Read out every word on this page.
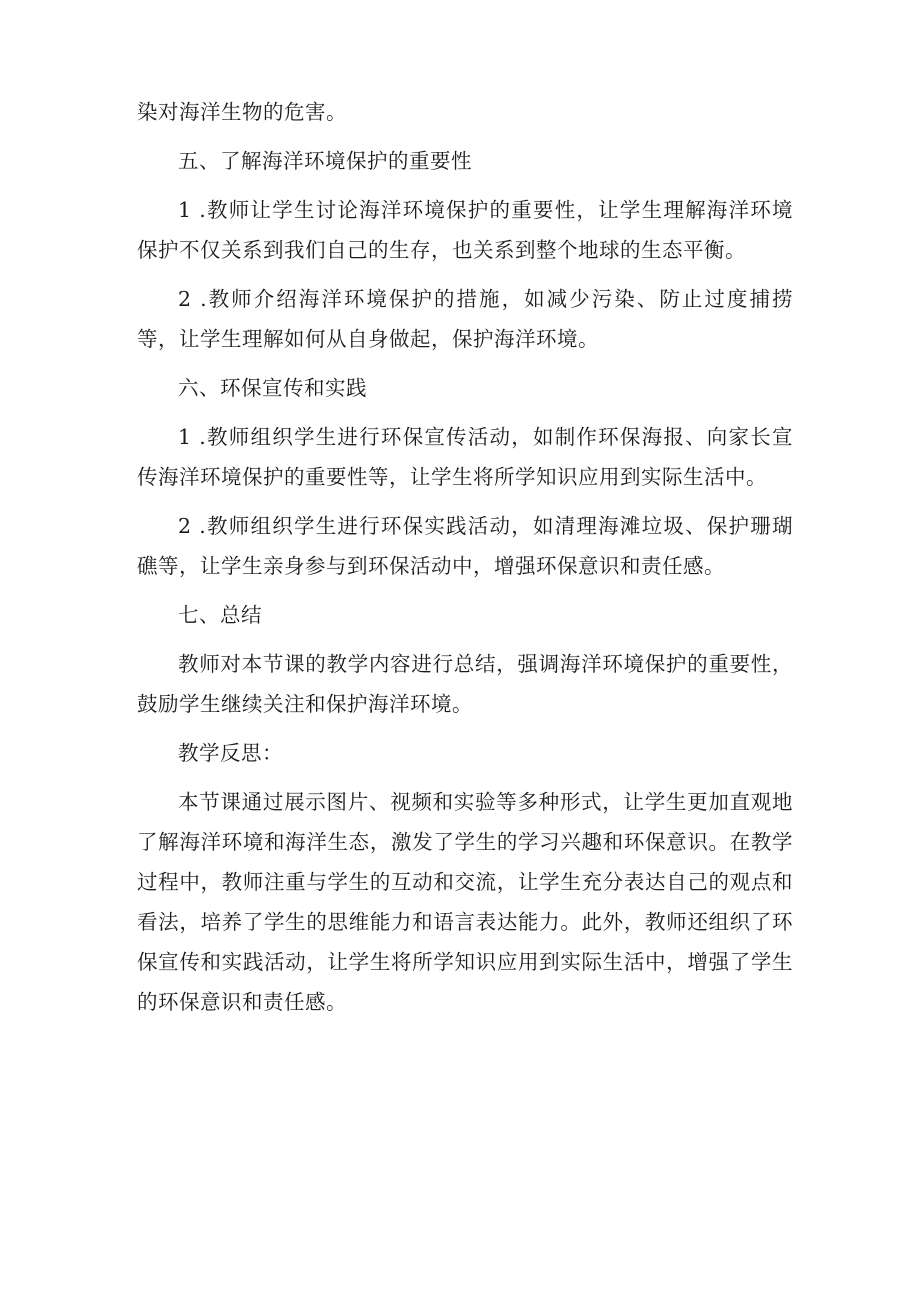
染对海洋生物的危害。

五、了解海洋环境保护的重要性

1 .教师让学生讨论海洋环境保护的重要性，让学生理解海洋环境保护不仅关系到我们自己的生存，也关系到整个地球的生态平衡。

2 .教师介绍海洋环境保护的措施，如减少污染、防止过度捕捞等，让学生理解如何从自身做起，保护海洋环境。

六、环保宣传和实践

1 .教师组织学生进行环保宣传活动，如制作环保海报、向家长宣传海洋环境保护的重要性等，让学生将所学知识应用到实际生活中。

2 .教师组织学生进行环保实践活动，如清理海滩垃圾、保护珊瑚礁等，让学生亲身参与到环保活动中，增强环保意识和责任感。

七、总结

教师对本节课的教学内容进行总结，强调海洋环境保护的重要性，鼓励学生继续关注和保护海洋环境。

教学反思：

本节课通过展示图片、视频和实验等多种形式，让学生更加直观地了解海洋环境和海洋生态，激发了学生的学习兴趣和环保意识。在教学过程中，教师注重与学生的互动和交流，让学生充分表达自己的观点和看法，培养了学生的思维能力和语言表达能力。此外，教师还组织了环保宣传和实践活动，让学生将所学知识应用到实际生活中，增强了学生的环保意识和责任感。
